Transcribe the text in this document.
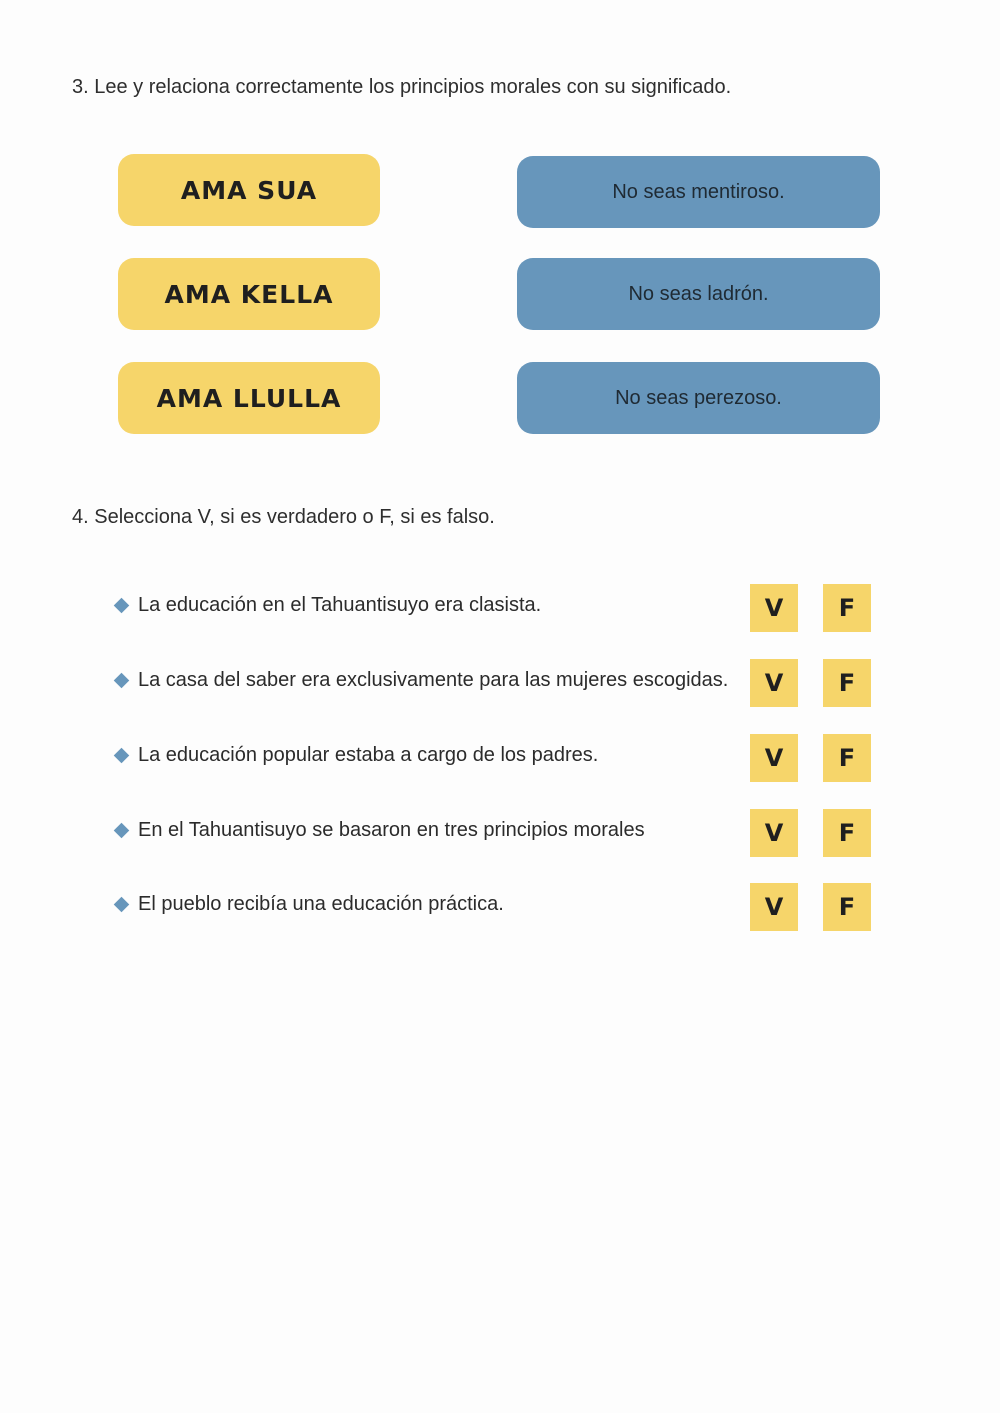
3. Lee y relaciona correctamente los principios morales con su significado.
AMA SUA
AMA KELLA
AMA LLULLA
No seas mentiroso.
No seas ladrón.
No seas perezoso.
4. Selecciona V, si es verdadero o F, si es falso.
La educación en el Tahuantisuyo era clasista.	V	F
La casa del saber era exclusivamente para las mujeres escogidas.	V	F
La educación popular estaba a cargo de los padres.	V	F
En el Tahuantisuyo se basaron en tres principios morales	V	F
El pueblo recibía una educación práctica.	V	F
